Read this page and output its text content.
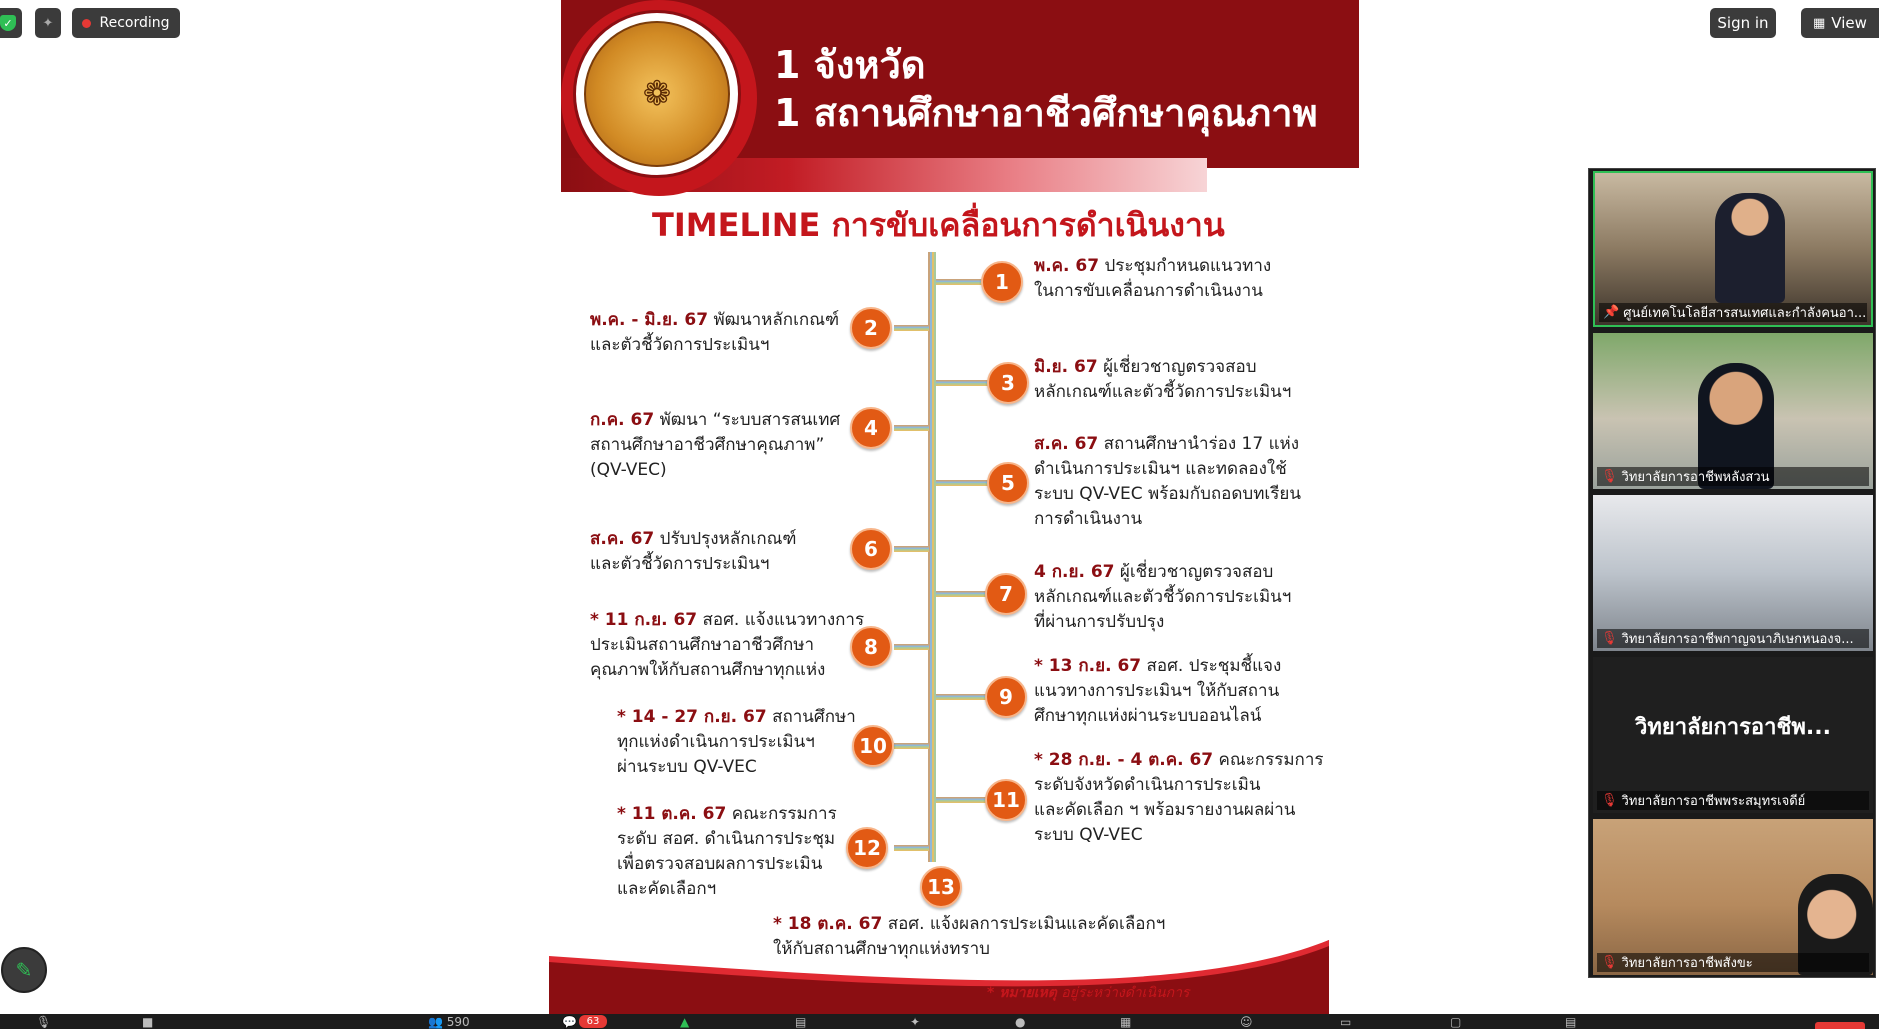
✓ ✦	Recording	Sign in	▦ View
❁
1 จังหวัด
1 สถานศึกษาอาชีวศึกษาคุณภาพ
TIMELINE การขับเคลื่อนการดำเนินงาน
1
2
3
4
5
6
7
8
9
10
11
12
13
พ.ค. 67 ประชุมกำหนดแนวทาง
ในการขับเคลื่อนการดำเนินงาน
มิ.ย. 67 ผู้เชี่ยวชาญตรวจสอบ
หลักเกณฑ์และตัวชี้วัดการประเมินฯ
ส.ค. 67 สถานศึกษานำร่อง 17 แห่ง
ดำเนินการประเมินฯ และทดลองใช้
ระบบ QV-VEC พร้อมกับถอดบทเรียน
การดำเนินงาน
4 ก.ย. 67 ผู้เชี่ยวชาญตรวจสอบ
หลักเกณฑ์และตัวชี้วัดการประเมินฯ
ที่ผ่านการปรับปรุง
* 13 ก.ย. 67 สอศ. ประชุมชี้แจง
แนวทางการประเมินฯ ให้กับสถาน
ศึกษาทุกแห่งผ่านระบบออนไลน์
* 28 ก.ย. - 4 ต.ค. 67 คณะกรรมการ
ระดับจังหวัดดำเนินการประเมิน
และคัดเลือก ฯ พร้อมรายงานผลผ่าน
ระบบ QV-VEC
พ.ค. - มิ.ย. 67 พัฒนาหลักเกณฑ์
และตัวชี้วัดการประเมินฯ
ก.ค. 67 พัฒนา “ระบบสารสนเทศ
สถานศึกษาอาชีวศึกษาคุณภาพ”
(QV-VEC)
ส.ค. 67 ปรับปรุงหลักเกณฑ์
และตัวชี้วัดการประเมินฯ
* 11 ก.ย. 67 สอศ. แจ้งแนวทางการ
ประเมินสถานศึกษาอาชีวศึกษา
คุณภาพให้กับสถานศึกษาทุกแห่ง
* 14 - 27 ก.ย. 67 สถานศึกษา
ทุกแห่งดำเนินการประเมินฯ
ผ่านระบบ QV-VEC
* 11 ต.ค. 67 คณะกรรมการ
ระดับ สอศ. ดำเนินการประชุม
เพื่อตรวจสอบผลการประเมิน
และคัดเลือกฯ
* 18 ต.ค. 67 สอศ. แจ้งผลการประเมินและคัดเลือกฯ
ให้กับสถานศึกษาทุกแห่งทราบ
* หมายเหตุ อยู่ระหว่างดำเนินการ
📌 ศูนย์เทคโนโลยีสารสนเทศและกำลังคนอา...
🎙 วิทยาลัยการอาชีพหลังสวน
🎙 วิทยาลัยการอาชีพกาญจนาภิเษกหนองจ...
วิทยาลัยการอาชีพ...
🎙 วิทยาลัยการอาชีพพระสมุทรเจดีย์
🎙 วิทยาลัยการอาชีพสังขะ
✎
🎙	■	👥 590	💬 63	▲	▤	✦	●	▦	☺	▭	▢	▤
